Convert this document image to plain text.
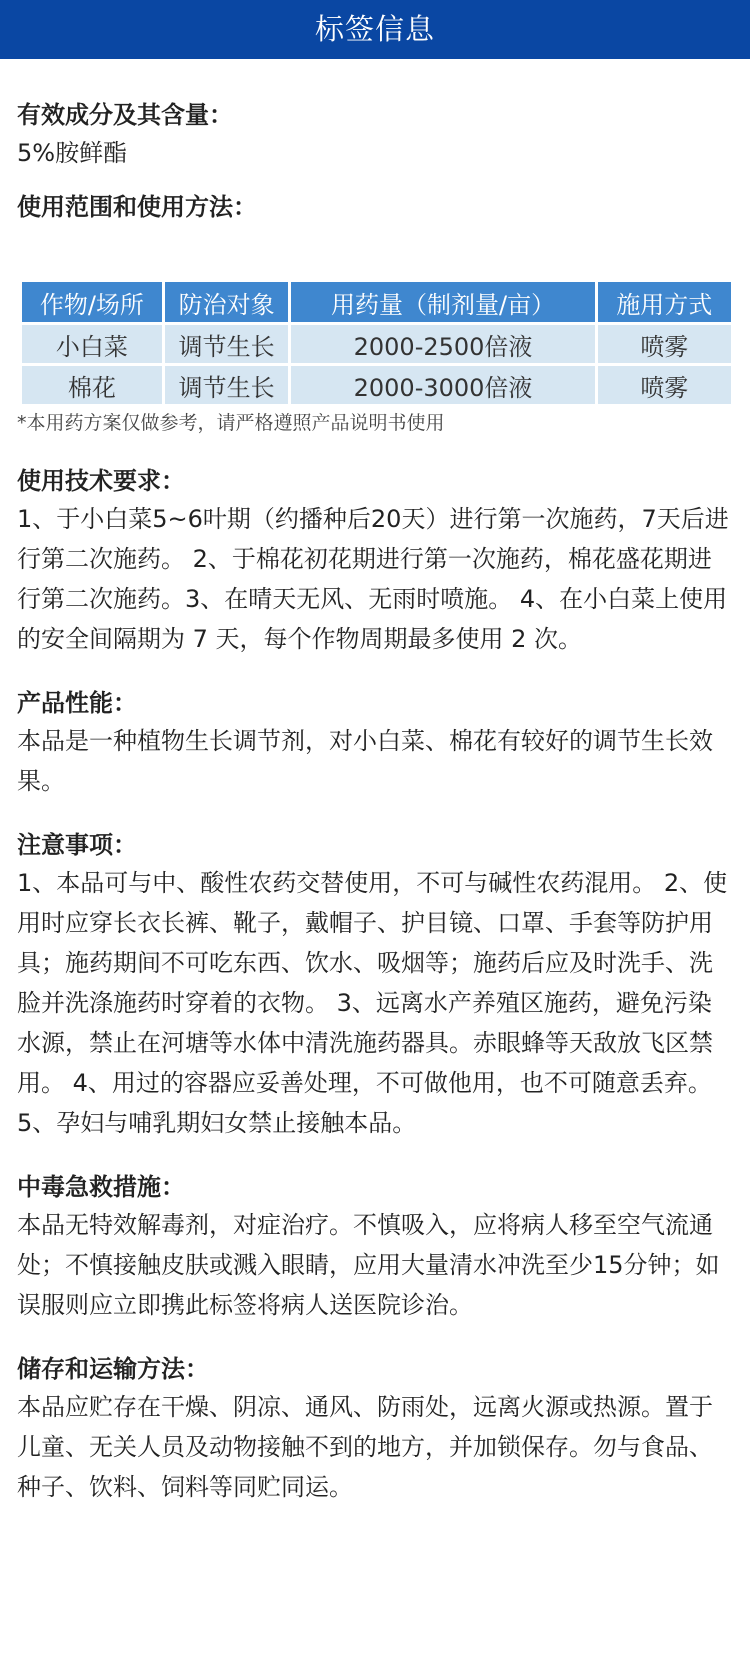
标签信息

有效成分及其含量：

5%胺鲜酯

使用范围和使用方法：

作物/场所	防治对象	用药量（制剂量/亩）	施用方式
小白菜	调节生长	2000-2500倍液	喷雾
棉花	调节生长	2000-3000倍液	喷雾
*本用药方案仅做参考，请严格遵照产品说明书使用

使用技术要求：

1、于小白菜5~6叶期（约播种后20天）进行第一次施药，7天后进行第二次施药。 2、于棉花初花期进行第一次施药，棉花盛花期进行第二次施药。3、在晴天无风、无雨时喷施。 4、在小白菜上使用的安全间隔期为 7 天，每个作物周期最多使用 2 次。

产品性能：

本品是一种植物生长调节剂，对小白菜、棉花有较好的调节生长效果。

注意事项：

1、本品可与中、酸性农药交替使用，不可与碱性农药混用。 2、使用时应穿长衣长裤、靴子，戴帽子、护目镜、口罩、手套等防护用具；施药期间不可吃东西、饮水、吸烟等；施药后应及时洗手、洗脸并洗涤施药时穿着的衣物。 3、远离水产养殖区施药，避免污染水源，禁止在河塘等水体中清洗施药器具。赤眼蜂等天敌放飞区禁用。 4、用过的容器应妥善处理，不可做他用，也不可随意丢弃。 5、孕妇与哺乳期妇女禁止接触本品。

中毒急救措施：

本品无特效解毒剂，对症治疗。不慎吸入，应将病人移至空气流通处；不慎接触皮肤或溅入眼睛，应用大量清水冲洗至少15分钟；如误服则应立即携此标签将病人送医院诊治。

储存和运输方法：

本品应贮存在干燥、阴凉、通风、防雨处，远离火源或热源。置于儿童、无关人员及动物接触不到的地方，并加锁保存。勿与食品、种子、饮料、饲料等同贮同运。
